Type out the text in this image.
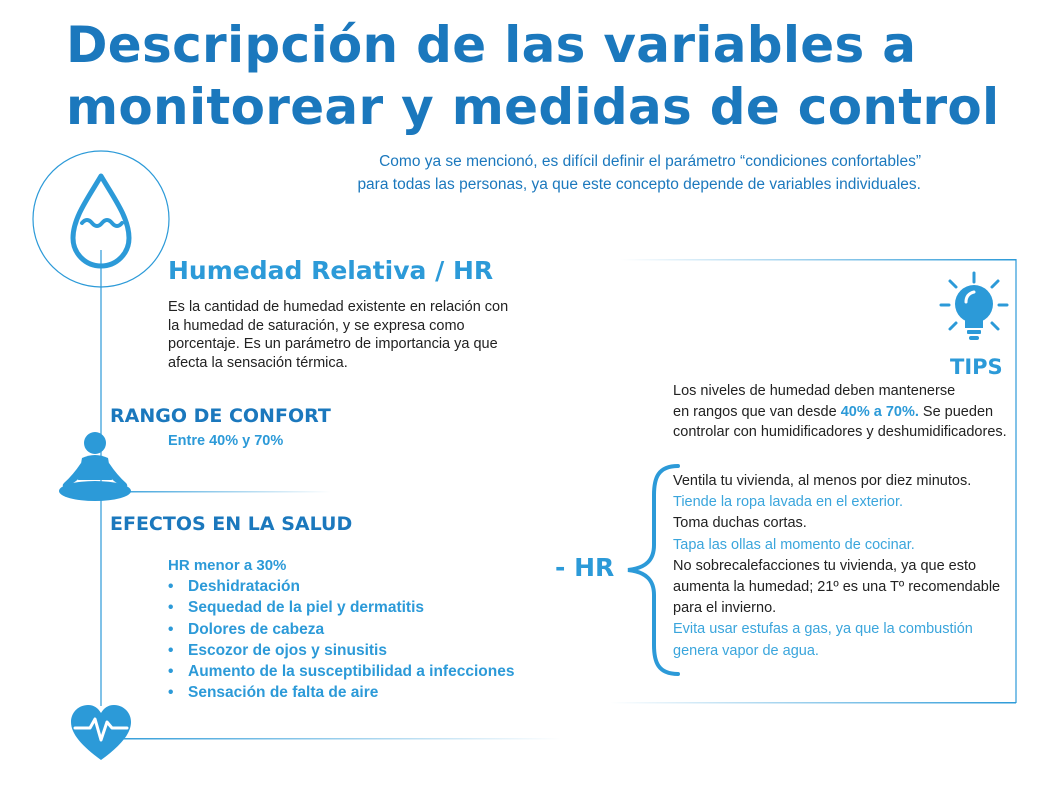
Descripción de las variables a
monitorear y medidas de control
Como ya se mencionó, es difícil definir el parámetro “condiciones confortables”
para todas las personas, ya que este concepto depende de variables individuales.
Humedad Relativa / HR
Es la cantidad de humedad existente en relación con
la humedad de saturación, y se expresa como
porcentaje. Es un parámetro de importancia ya que
afecta la sensación térmica.
RANGO DE CONFORT
Entre 40% y 70%
EFECTOS EN LA SALUD
HR menor a 30%
• Deshidratación
• Sequedad de la piel y dermatitis
• Dolores de cabeza
• Escozor de ojos y sinusitis
• Aumento de la susceptibilidad a infecciones
• Sensación de falta de aire
TIPS
Los niveles de humedad deben mantenerse
en rangos que van desde 40% a 70%. Se pueden
controlar con humidificadores y deshumidificadores.
- HR
Ventila tu vivienda, al menos por diez minutos.
Tiende la ropa lavada en el exterior.
Toma duchas cortas.
Tapa las ollas al momento de cocinar.
No sobrecalefacciones tu vivienda, ya que esto
aumenta la humedad; 21º es una Tº recomendable
para el invierno.
Evita usar estufas a gas, ya que la combustión
genera vapor de agua.
